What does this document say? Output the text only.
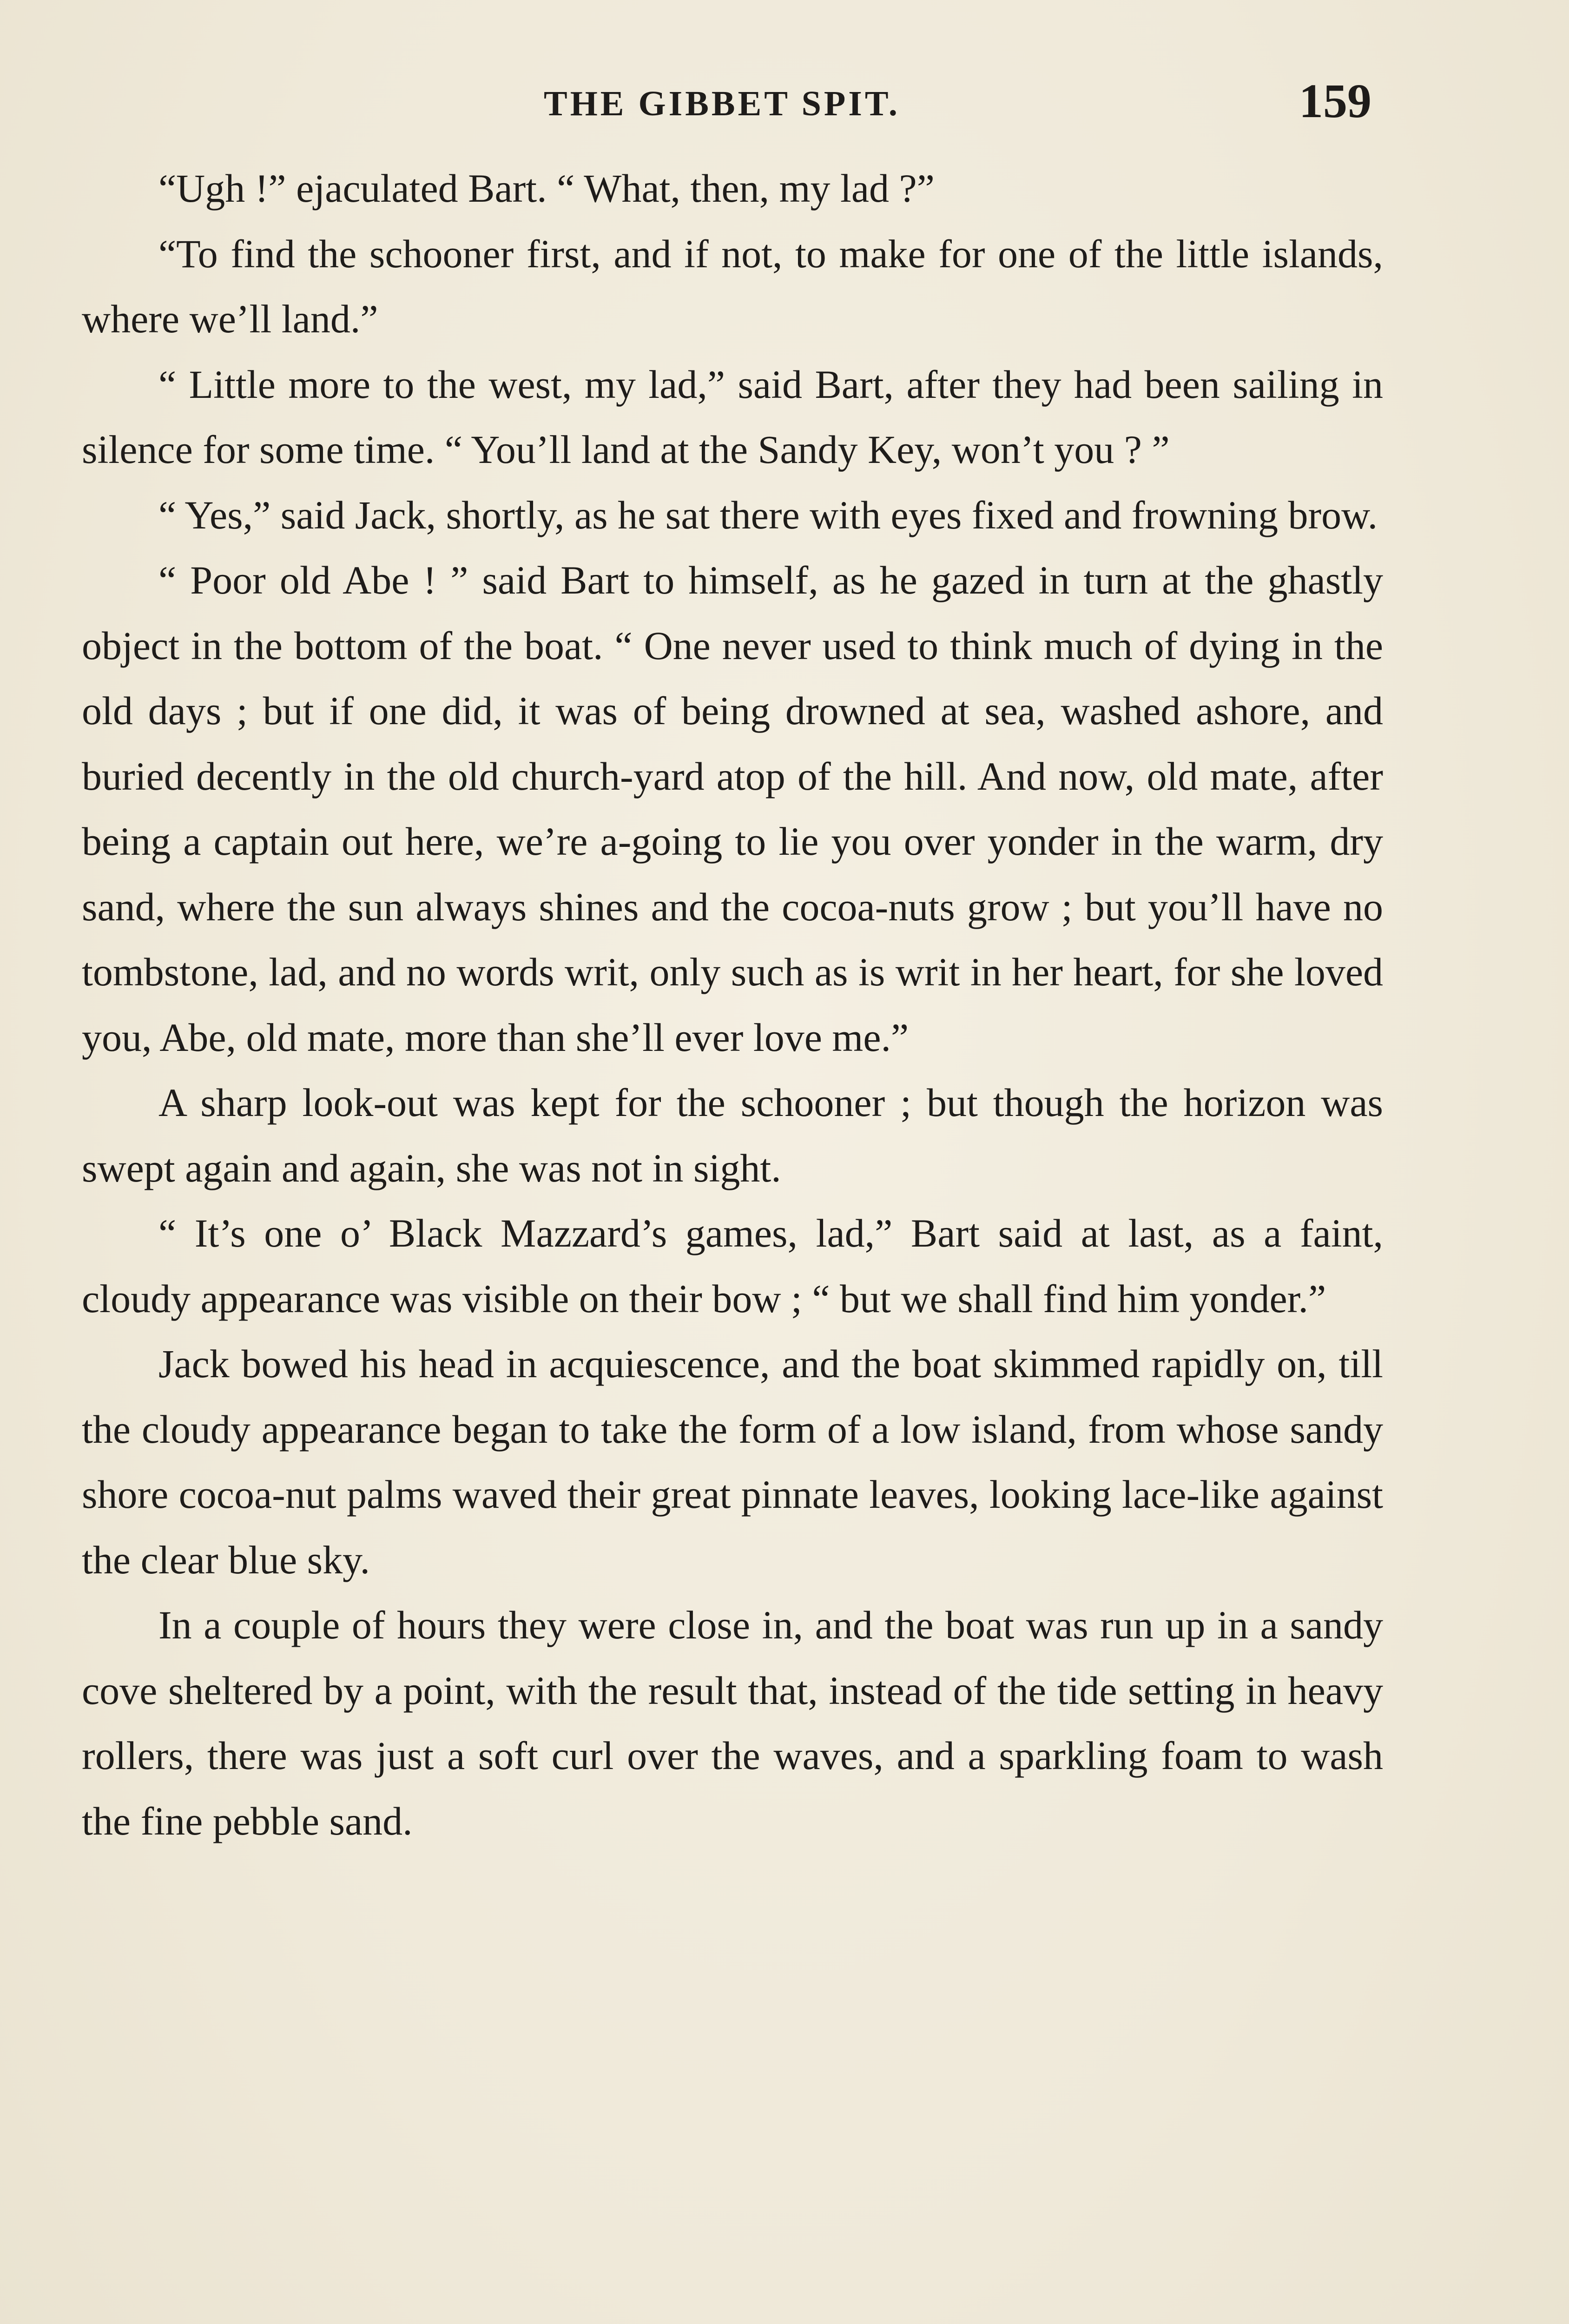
THE GIBBET SPIT.	159

“Ugh !” ejaculated Bart. “ What, then, my lad ?”

“To find the schooner first, and if not, to make for one of the little islands, where we’ll land.”

“ Little more to the west, my lad,” said Bart, after they had been sailing in silence for some time. “ You’ll land at the Sandy Key, won’t you ? ”

“ Yes,” said Jack, shortly, as he sat there with eyes fixed and frowning brow.

“ Poor old Abe ! ” said Bart to himself, as he gazed in turn at the ghastly object in the bottom of the boat. “ One never used to think much of dying in the old days ; but if one did, it was of being drowned at sea, washed ashore, and buried decently in the old church-yard atop of the hill. And now, old mate, after being a captain out here, we’re a-going to lie you over yonder in the warm, dry sand, where the sun always shines and the cocoa-nuts grow ; but you’ll have no tombstone, lad, and no words writ, only such as is writ in her heart, for she loved you, Abe, old mate, more than she’ll ever love me.”

A sharp look-out was kept for the schooner ; but though the horizon was swept again and again, she was not in sight.

“ It’s one o’ Black Mazzard’s games, lad,” Bart said at last, as a faint, cloudy appearance was visible on their bow ; “ but we shall find him yonder.”

Jack bowed his head in acquiescence, and the boat skimmed rapidly on, till the cloudy appearance began to take the form of a low island, from whose sandy shore cocoa-nut palms waved their great pinnate leaves, looking lace-like against the clear blue sky.

In a couple of hours they were close in, and the boat was run up in a sandy cove sheltered by a point, with the result that, instead of the tide setting in heavy rollers, there was just a soft curl over the waves, and a sparkling foam to wash the fine pebble sand.
